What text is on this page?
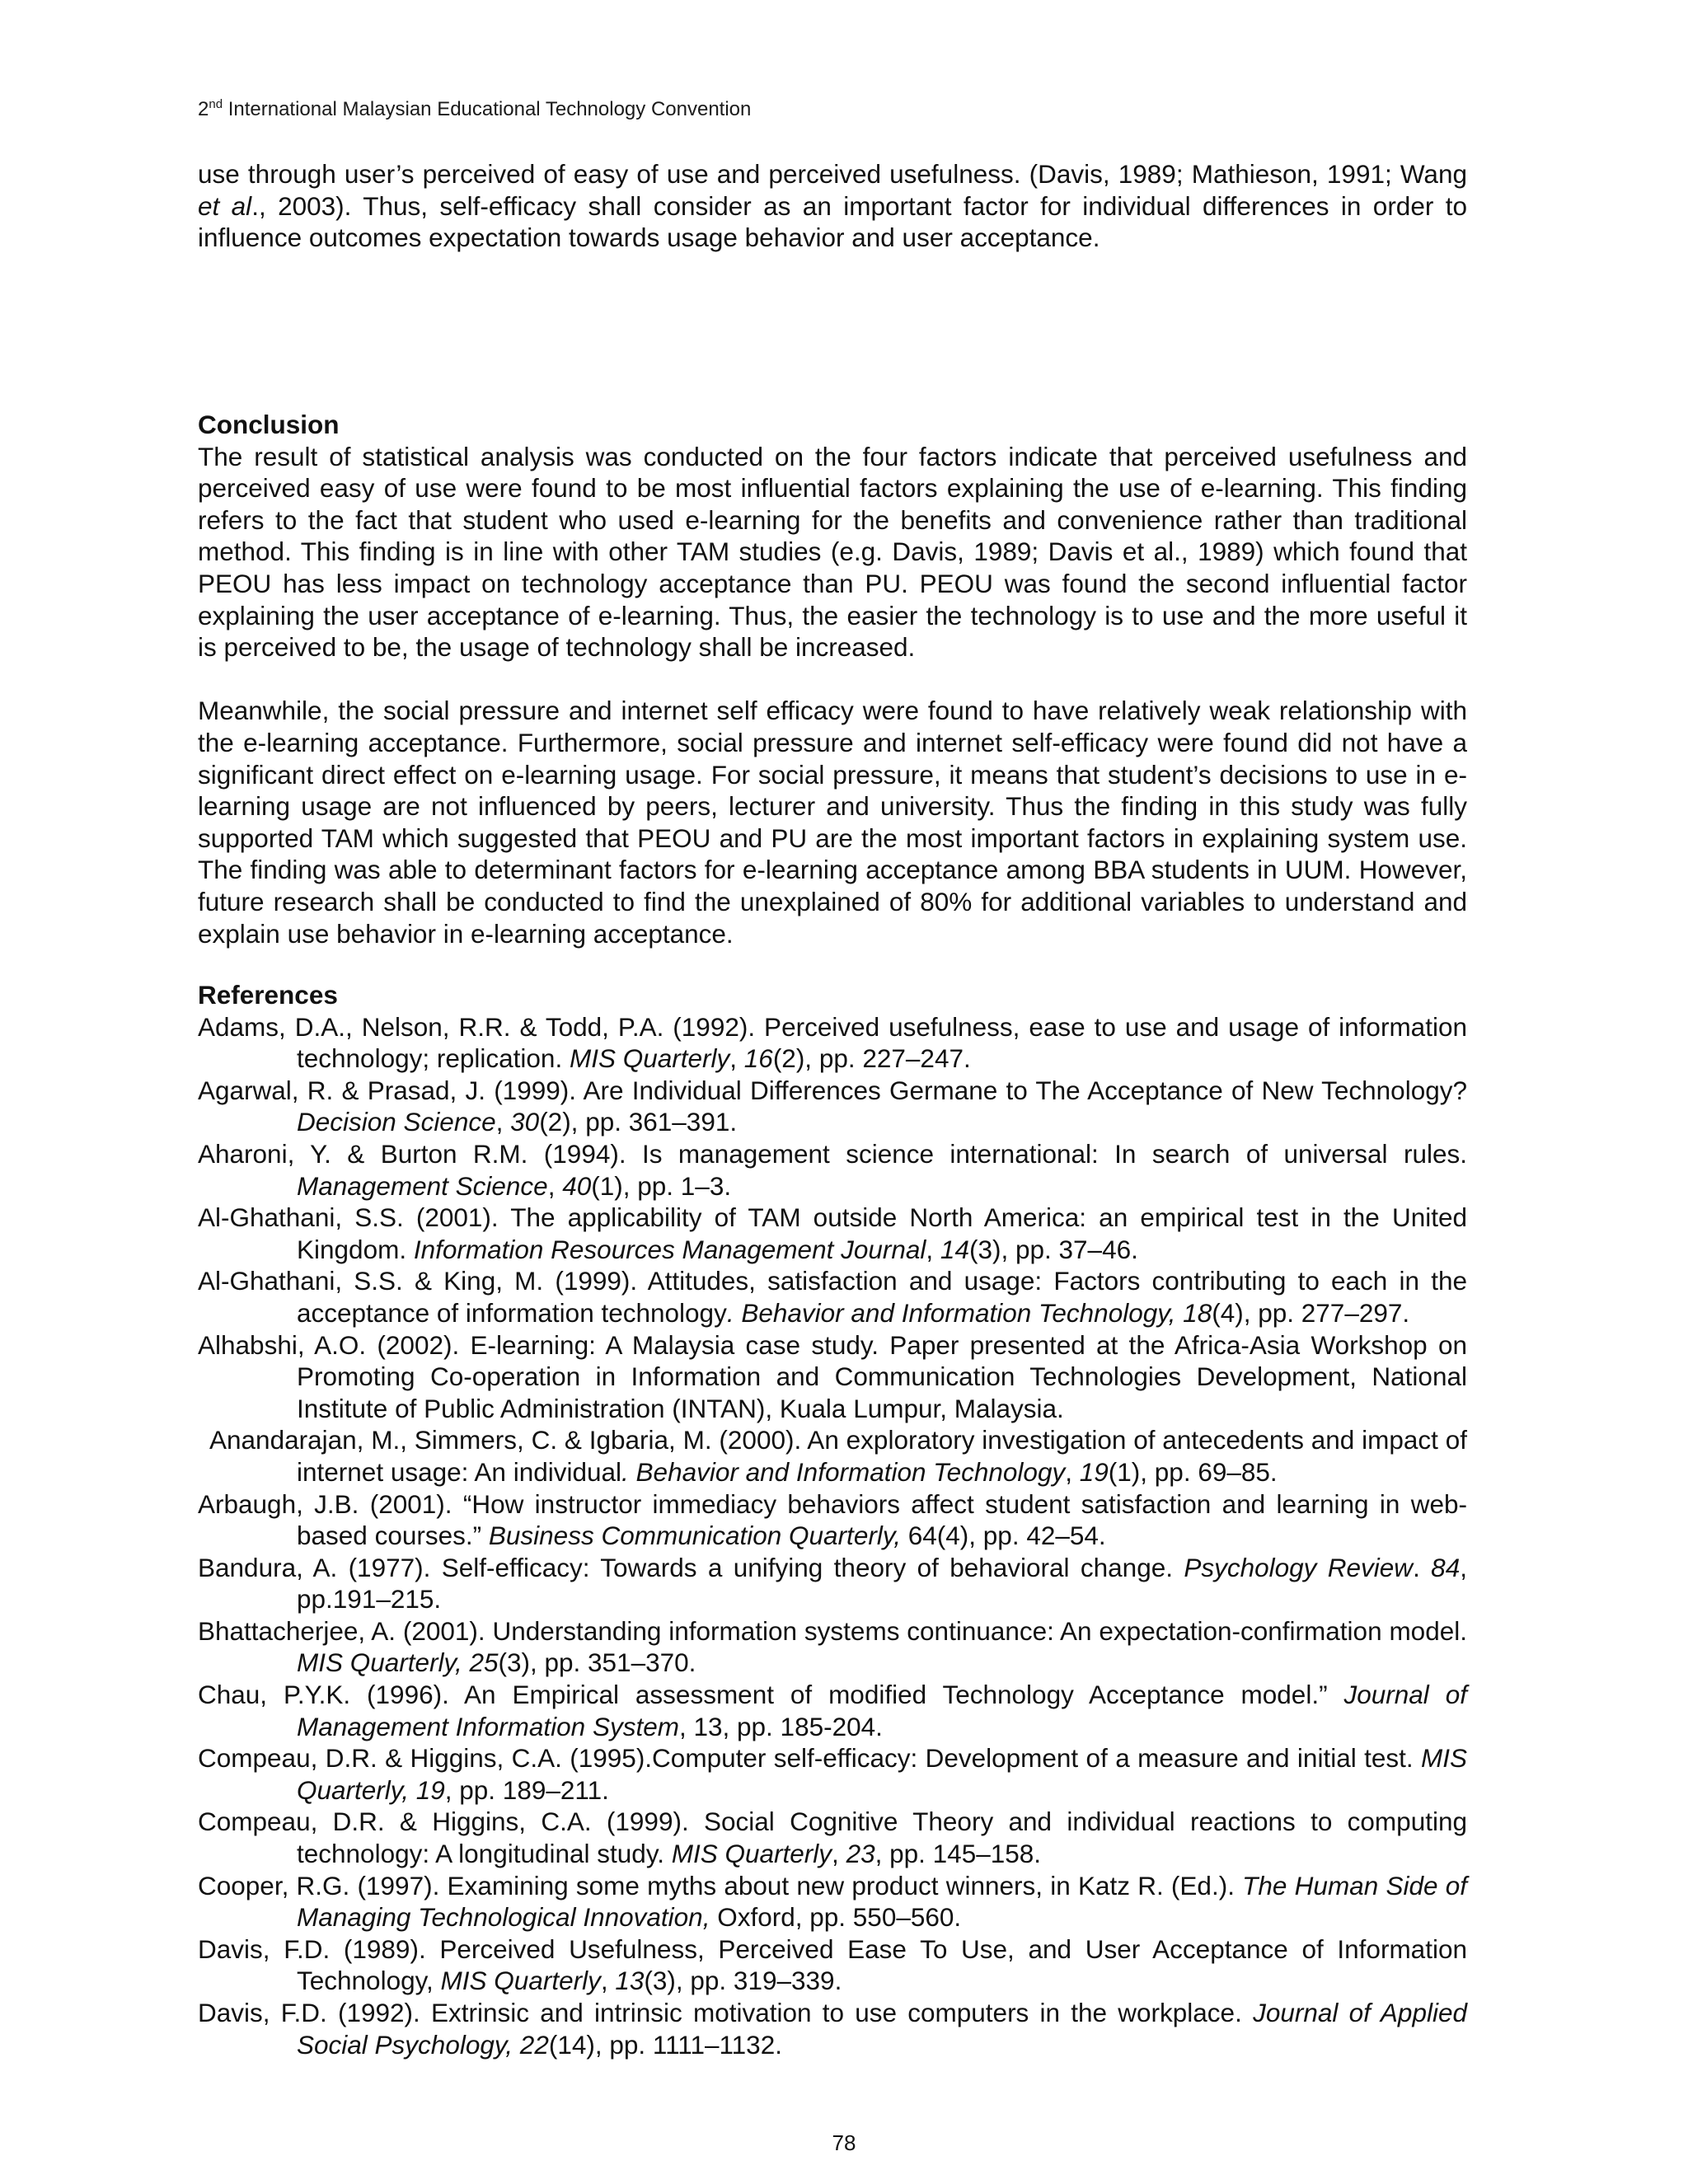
2nd International Malaysian Educational Technology Convention

use through user’s perceived of easy of use and perceived usefulness. (Davis, 1989; Mathieson, 1991; Wang et al., 2003). Thus, self-efficacy shall consider as an important factor for individual differences in order to influence outcomes expectation towards usage behavior and user acceptance.

Conclusion

The result of statistical analysis was conducted on the four factors indicate that perceived usefulness and perceived easy of use were found to be most influential factors explaining the use of e-learning. This finding refers to the fact that student who used e-learning for the benefits and convenience rather than traditional method. This finding is in line with other TAM studies (e.g. Davis, 1989; Davis et al., 1989) which found that PEOU has less impact on technology acceptance than PU. PEOU was found the second influential factor explaining the user acceptance of e-learning. Thus, the easier the technology is to use and the more useful it is perceived to be, the usage of technology shall be increased.

Meanwhile, the social pressure and internet self efficacy were found to have relatively weak relationship with the e-learning acceptance. Furthermore, social pressure and internet self-efficacy were found did not have a significant direct effect on e-learning usage. For social pressure, it means that student’s decisions to use in e-learning usage are not influenced by peers, lecturer and university. Thus the finding in this study was fully supported TAM which suggested that PEOU and PU are the most important factors in explaining system use. The finding was able to determinant factors for e-learning acceptance among BBA students in UUM. However, future research shall be conducted to find the unexplained of 80% for additional variables to understand and explain use behavior in e-learning acceptance.

References

Adams, D.A., Nelson, R.R. & Todd, P.A. (1992). Perceived usefulness, ease to use and usage of information technology; replication. MIS Quarterly, 16(2), pp. 227–247.

Agarwal, R. & Prasad, J. (1999). Are Individual Differences Germane to The Acceptance of New Technology? Decision Science, 30(2), pp. 361–391.

Aharoni, Y. & Burton R.M. (1994). Is management science international: In search of universal rules. Management Science, 40(1), pp. 1–3.

Al-Ghathani, S.S. (2001). The applicability of TAM outside North America: an empirical test in the United Kingdom. Information Resources Management Journal, 14(3), pp. 37–46.

Al-Ghathani, S.S. & King, M. (1999). Attitudes, satisfaction and usage: Factors contributing to each in the acceptance of information technology. Behavior and Information Technology, 18(4), pp. 277–297.

Alhabshi, A.O. (2002). E-learning: A Malaysia case study. Paper presented at the Africa-Asia Workshop on Promoting Co-operation in Information and Communication Technologies Development, National Institute of Public Administration (INTAN), Kuala Lumpur, Malaysia.

Anandarajan, M., Simmers, C. & Igbaria, M. (2000). An exploratory investigation of antecedents and impact of internet usage: An individual. Behavior and Information Technology, 19(1), pp. 69–85.

Arbaugh, J.B. (2001). “How instructor immediacy behaviors affect student satisfaction and learning in web-based courses.” Business Communication Quarterly, 64(4), pp. 42–54.

Bandura, A. (1977). Self-efficacy: Towards a unifying theory of behavioral change. Psychology Review. 84, pp.191–215.

Bhattacherjee, A. (2001). Understanding information systems continuance: An expectation-confirmation model. MIS Quarterly, 25(3), pp. 351–370.

Chau, P.Y.K. (1996). An Empirical assessment of modified Technology Acceptance model.” Journal of Management Information System, 13, pp. 185-204.

Compeau, D.R. & Higgins, C.A. (1995).Computer self-efficacy: Development of a measure and initial test. MIS Quarterly, 19, pp. 189–211.

Compeau, D.R. & Higgins, C.A. (1999). Social Cognitive Theory and individual reactions to computing technology: A longitudinal study. MIS Quarterly, 23, pp. 145–158.

Cooper, R.G. (1997). Examining some myths about new product winners, in Katz R. (Ed.). The Human Side of Managing Technological Innovation, Oxford, pp. 550–560.

Davis, F.D. (1989). Perceived Usefulness, Perceived Ease To Use, and User Acceptance of Information Technology, MIS Quarterly, 13(3), pp. 319–339.

Davis, F.D. (1992). Extrinsic and intrinsic motivation to use computers in the workplace. Journal of Applied Social Psychology, 22(14), pp. 1111–1132.

78
